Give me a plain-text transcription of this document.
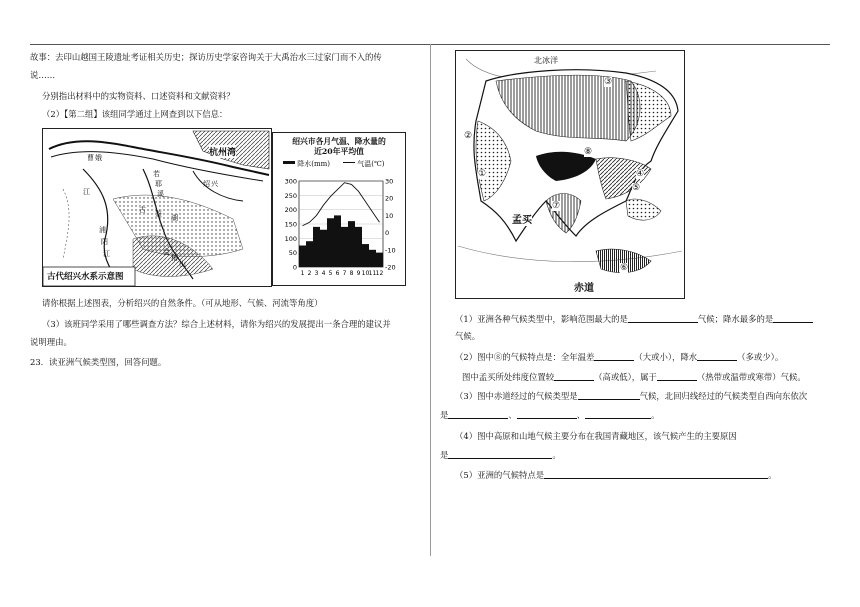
故事：去印山越国王陵遗址考证相关历史；探访历史学家咨询关于大禹治水三过家门而不入的传
说……
分别指出材料中的实物资料、口述资料和文献资料？
（2）【第二组】该组同学通过上网查到以下信息：
古代绍兴水系示意图
杭州湾
曹 娥
江
浦
阳
江
若
耶
溪
古 鉴 湖
绍 兴
会
稽
山
绍兴市各月气温、降水量的
近20年平均值
降水(mm)	气温(℃)
300
250
200
150
100
50
0
30
20
10
0
-10
-20
1 2 3 4 5 6 7 8 9 10 11 12
请你根据上述图表，分析绍兴的自然条件。（可从地形、气候、河流等角度）
（3）该班同学采用了哪些调查方法？综合上述材料，请你为绍兴的发展提出一条合理的建议并
说明理由。
23．读亚洲气候类型图，回答问题。
北冰洋
③
②
①	④
⑤
⑥
⑦
⑧
孟买
赤道
（1）亚洲各种气候类型中，影响范围最大的是	气候；降水最多的是
气候。
（2）图中⑧的气候特点是：全年温差	（大或小），降水	（多或少）。
图中孟买所处纬度位置较	（高或低），属于	（热带或温带或寒带）气候。
（3）图中赤道经过的气候类型是	气候，北回归线经过的气候类型自西向东依次
是	、	、	。
（4）图中高原和山地气候主要分布在我国青藏地区，该气候产生的主要原因
是	。
（5）亚洲的气候特点是	。
